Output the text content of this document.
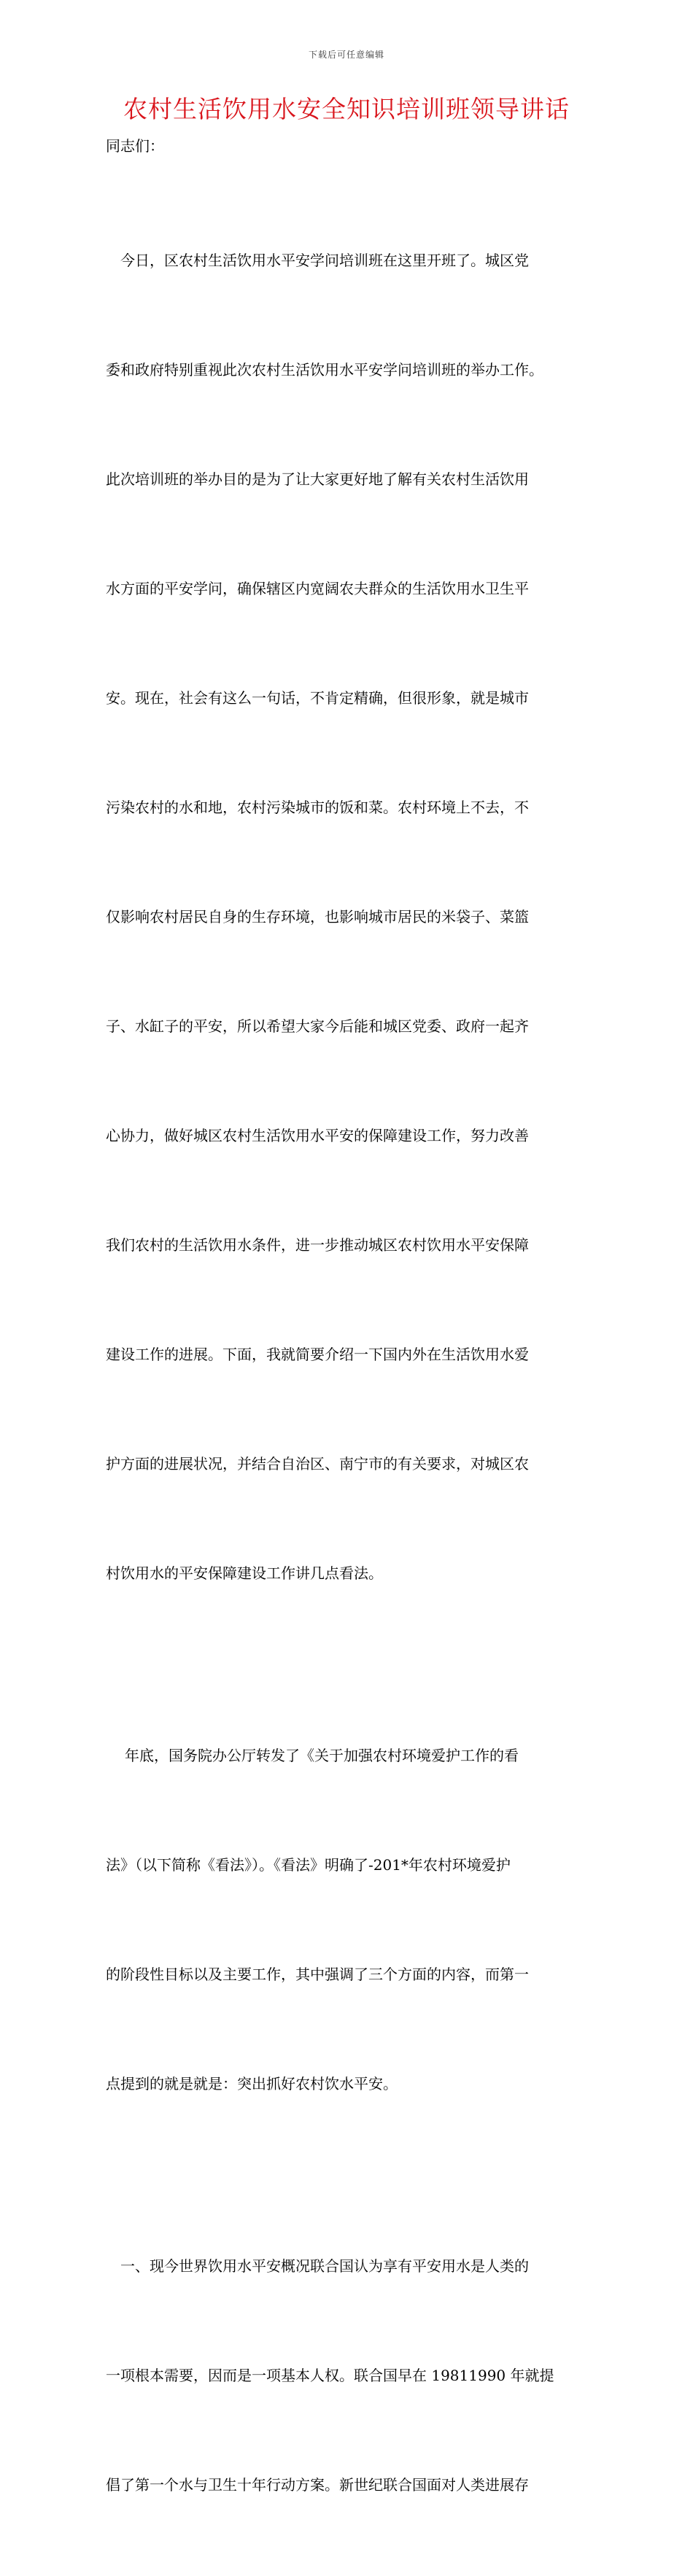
下载后可任意编辑
农村生活饮用水安全知识培训班领导讲话

同志们：

今日，区农村生活饮用水平安学问培训班在这里开班了。城区党

委和政府特别重视此次农村生活饮用水平安学问培训班的举办工作。

此次培训班的举办目的是为了让大家更好地了解有关农村生活饮用

水方面的平安学问，确保辖区内宽阔农夫群众的生活饮用水卫生平

安。现在，社会有这么一句话，不肯定精确，但很形象，就是城市

污染农村的水和地，农村污染城市的饭和菜。农村环境上不去，不

仅影响农村居民自身的生存环境，也影响城市居民的米袋子、菜篮

子、水缸子的平安，所以希望大家今后能和城区党委、政府一起齐

心协力，做好城区农村生活饮用水平安的保障建设工作，努力改善

我们农村的生活饮用水条件，进一步推动城区农村饮用水平安保障

建设工作的进展。下面，我就简要介绍一下国内外在生活饮用水爱

护方面的进展状况，并结合自治区、南宁市的有关要求，对城区农

村饮用水的平安保障建设工作讲几点看法。

年底，国务院办公厅转发了《关于加强农村环境爱护工作的看

法》（以下简称《看法》）。《看法》明确了-201*年农村环境爱护

的阶段性目标以及主要工作，其中强调了三个方面的内容，而第一

点提到的就是就是：突出抓好农村饮水平安。

一、现今世界饮用水平安概况联合国认为享有平安用水是人类的

一项根本需要，因而是一项基本人权。联合国早在 19811990 年就提

倡了第一个水与卫生十年行动方案。新世纪联合国面对人类进展存
